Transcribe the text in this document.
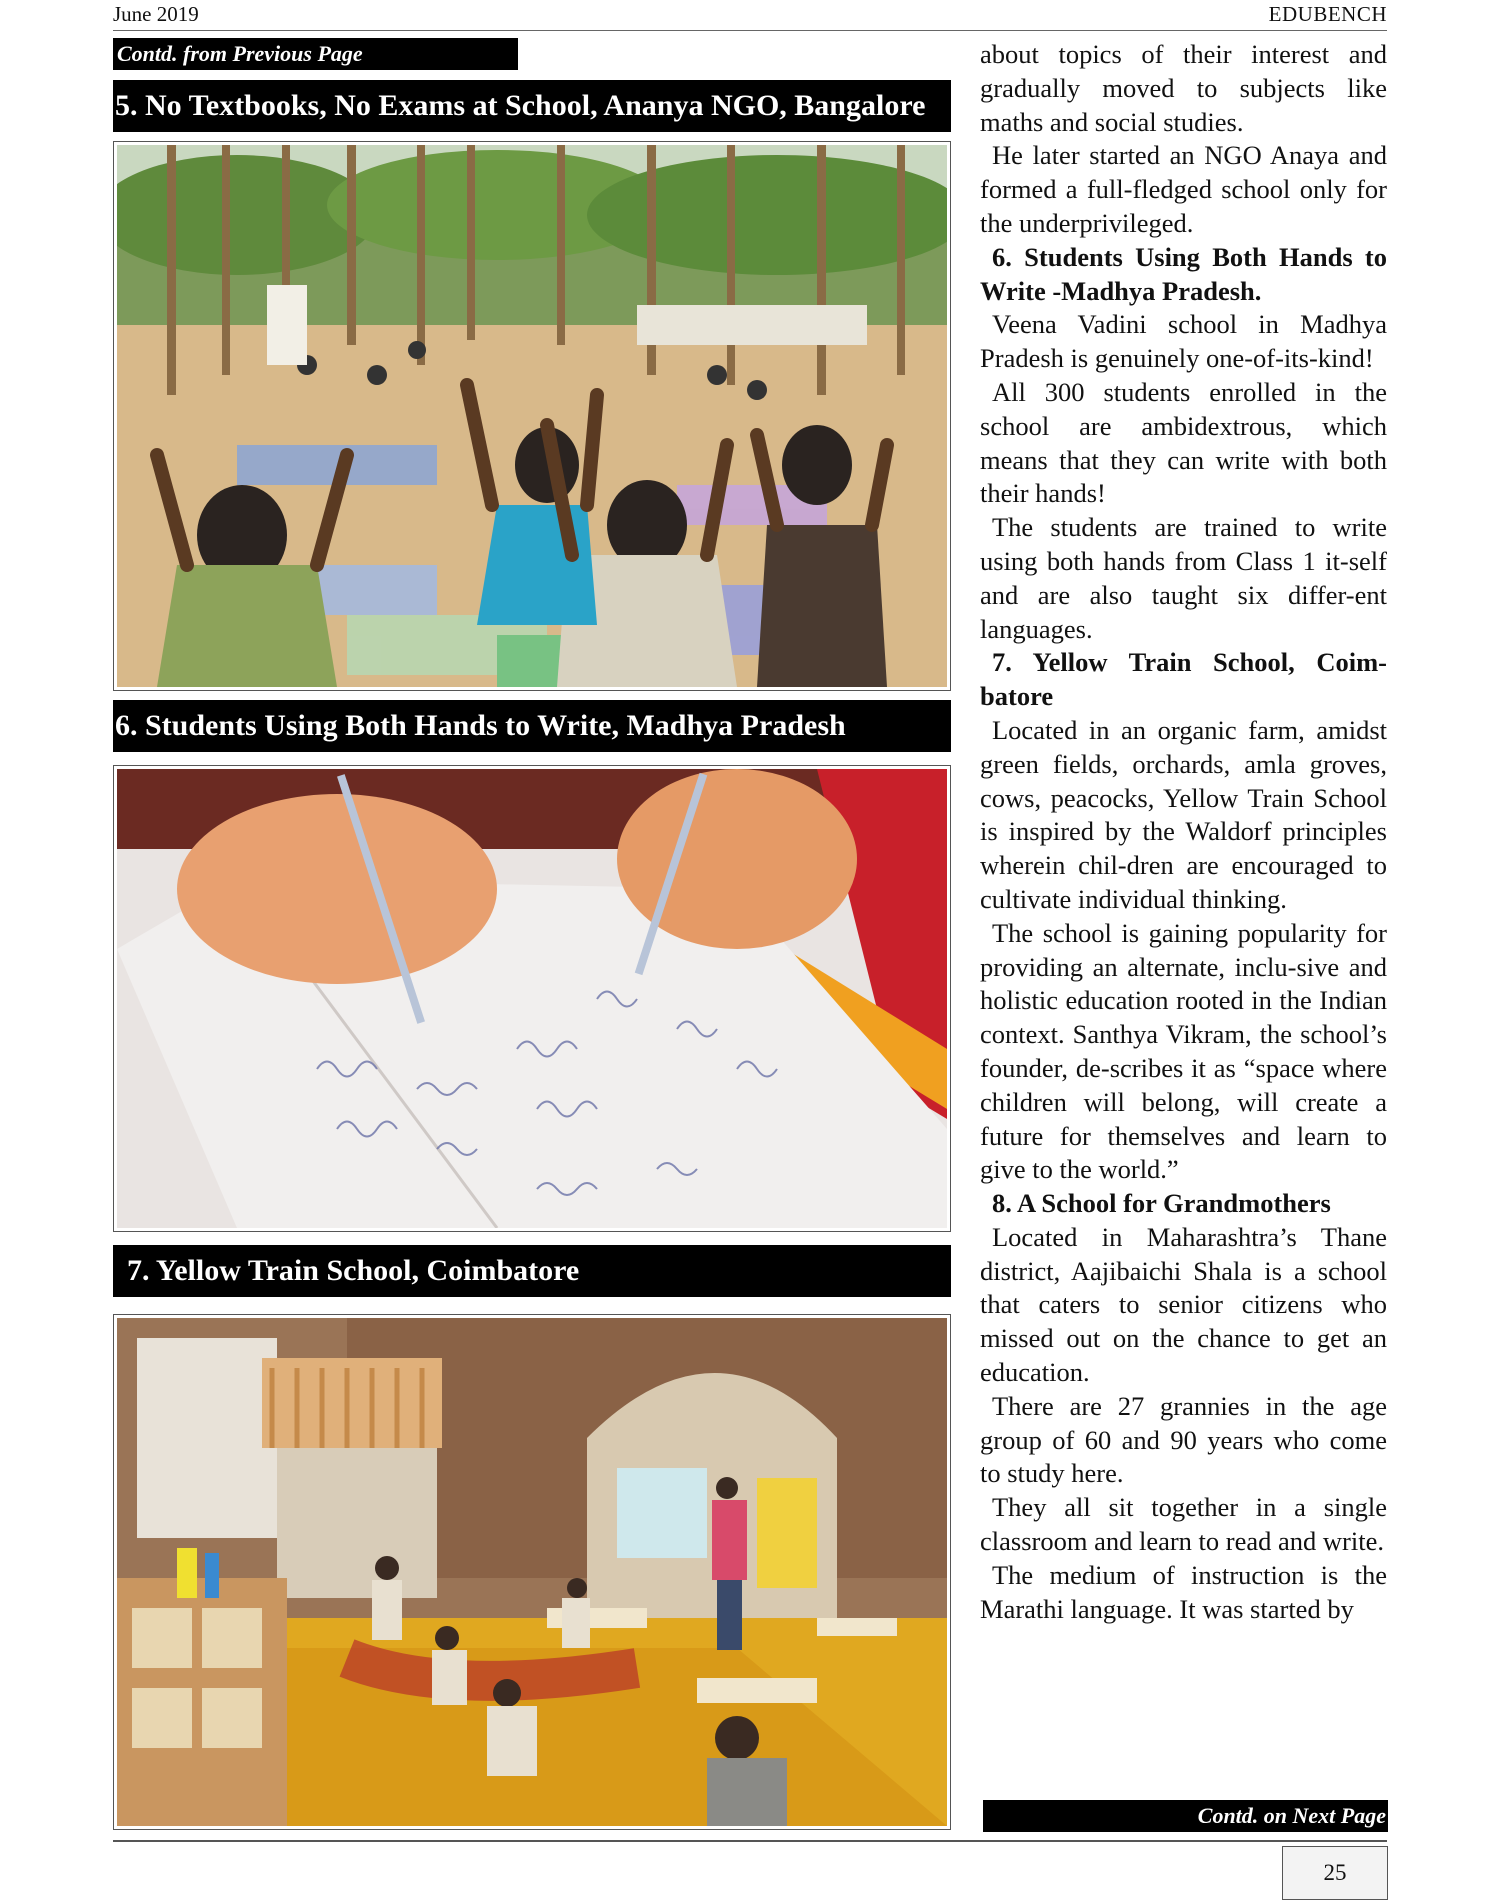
June 2019	EDUBENCH
Contd. from Previous Page
5. No Textbooks, No Exams at School, Ananya NGO, Bangalore
6. Students Using Both Hands to Write, Madhya Pradesh
7. Yellow Train School, Coimbatore

about topics of their interest and gradually moved to subjects like maths and social studies.

He later started an NGO Anaya and formed a full-fledged school only for the underprivileged.

6. Students Using Both Hands to Write -Madhya Pradesh.

Veena Vadini school in Madhya Pradesh is genuinely one-of-its-kind!

All 300 students enrolled in the school are ambidextrous, which means that they can write with both their hands!

The students are trained to write using both hands from Class 1 it-self and are also taught six differ-ent languages.

7. Yellow Train School, Coim-batore

Located in an organic farm, amidst green fields, orchards, amla groves, cows, peacocks, Yellow Train School is inspired by the Waldorf principles wherein chil-dren are encouraged to cultivate individual thinking.

The school is gaining popularity for providing an alternate, inclu-sive and holistic education rooted in the Indian context. Santhya Vikram, the school’s founder, de-scribes it as “space where children will belong, will create a future for themselves and learn to give to the world.”

8. A School for Grandmothers

Located in Maharashtra’s Thane district, Aajibaichi Shala is a school that caters to senior citizens who missed out on the chance to get an education.

There are 27 grannies in the age group of 60 and 90 years who come to study here.

They all sit together in a single classroom and learn to read and write.

The medium of instruction is the Marathi language. It was started by

Contd. on Next Page
25
